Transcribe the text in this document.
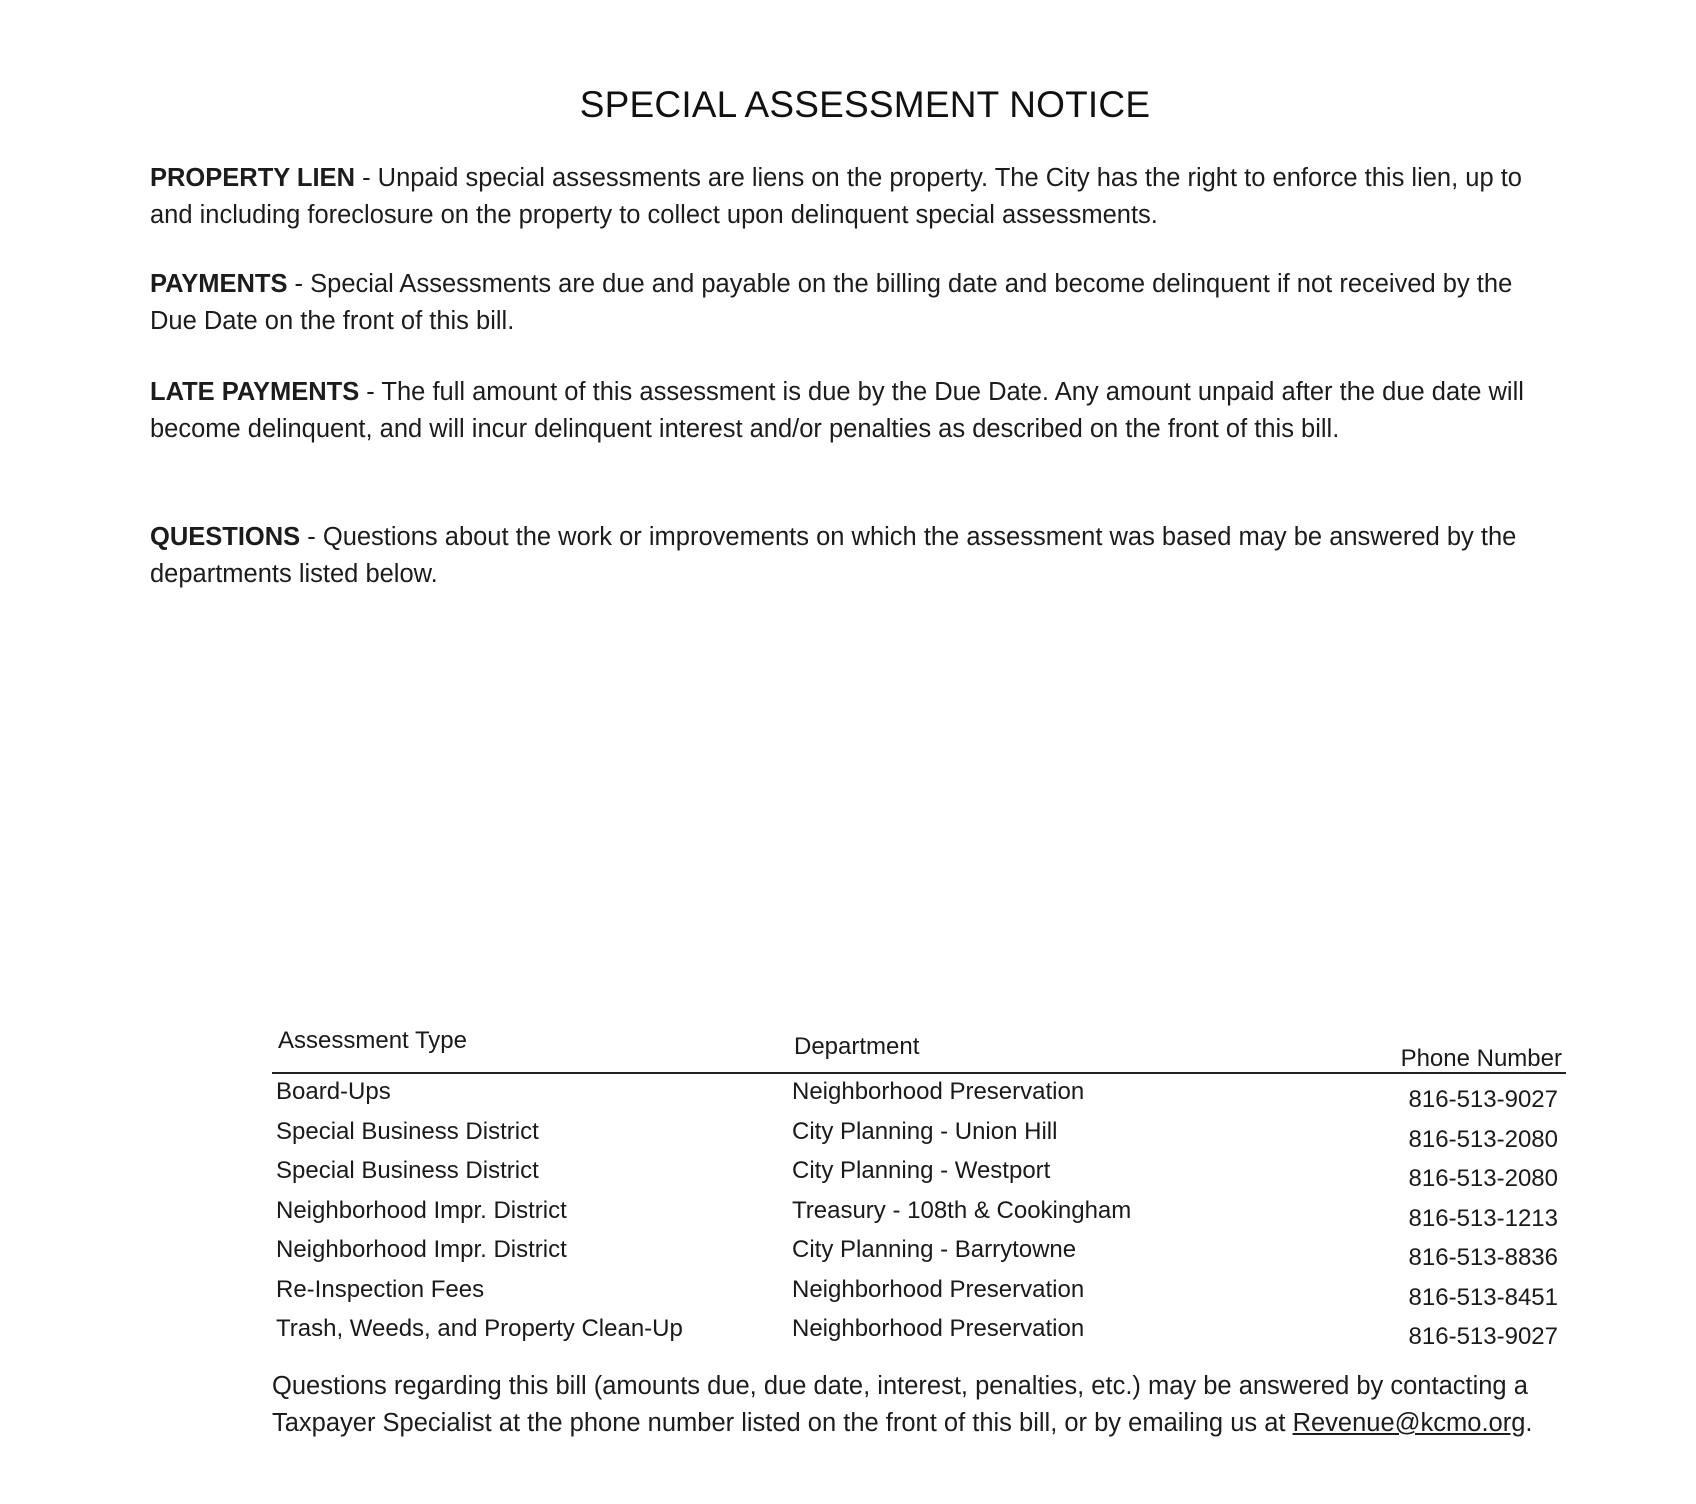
SPECIAL ASSESSMENT NOTICE
PROPERTY LIEN - Unpaid special assessments are liens on the property. The City has the right to enforce this lien, up to and including foreclosure on the property to collect upon delinquent special assessments.
PAYMENTS - Special Assessments are due and payable on the billing date and become delinquent if not received by the Due Date on the front of this bill.
LATE PAYMENTS - The full amount of this assessment is due by the Due Date. Any amount unpaid after the due date will become delinquent, and will incur delinquent interest and/or penalties as described on the front of this bill.
QUESTIONS - Questions about the work or improvements on which the assessment was based may be answered by the departments listed below.
Assessment Type	Department	Phone Number
Board-Ups	Neighborhood Preservation	816-513-9027
Special Business District	City Planning - Union Hill	816-513-2080
Special Business District	City Planning - Westport	816-513-2080
Neighborhood Impr. District	Treasury - 108th & Cookingham	816-513-1213
Neighborhood Impr. District	City Planning - Barrytowne	816-513-8836
Re-Inspection Fees	Neighborhood Preservation	816-513-8451
Trash, Weeds, and Property Clean-Up	Neighborhood Preservation	816-513-9027
Questions regarding this bill (amounts due, due date, interest, penalties, etc.) may be answered by contacting a Taxpayer Specialist at the phone number listed on the front of this bill, or by emailing us at Revenue@kcmo.org.
